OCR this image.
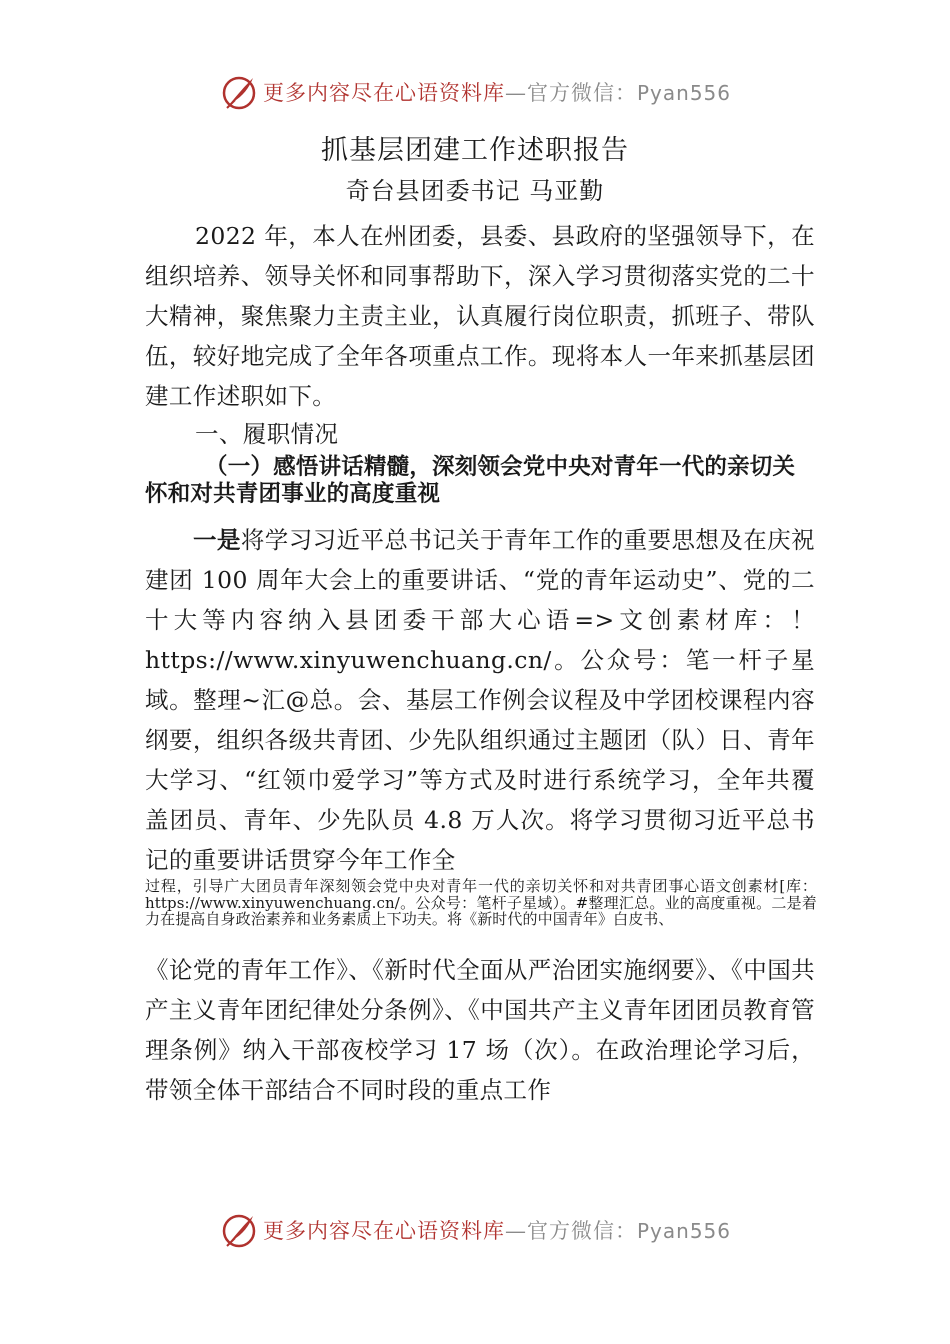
更多内容尽在心语资料库—官方微信：Pyan556
抓基层团建工作述职报告
奇台县团委书记 马亚勤
2022 年，本人在州团委，县委、县政府的坚强领导下，在组织培养、领导关怀和同事帮助下，深入学习贯彻落实党的二十大精神，聚焦聚力主责主业，认真履行岗位职责，抓班子、带队伍，较好地完成了全年各项重点工作。现将本人一年来抓基层团建工作述职如下。
一、履职情况
（一）感悟讲话精髓，深刻领会党中央对青年一代的亲切关怀和对共青团事业的高度重视
一是将学习习近平总书记关于青年工作的重要思想及在庆祝建团 100 周年大会上的重要讲话、“党的青年运动史”、党的二十大等内容纳入县团委干部大心语=>文创素材库：！https://www.xinyuwenchuang.cn/。公众号：笔一杆子星域。整理~汇@总。会、基层工作例会议程及中学团校课程内容纲要，组织各级共青团、少先队组织通过主题团（队）日、青年大学习、“红领巾爱学习”等方式及时进行系统学习，全年共覆盖团员、青年、少先队员 4.8 万人次。将学习贯彻习近平总书记的重要讲话贯穿今年工作全
过程，引导广大团员青年深刻领会党中央对青年一代的亲切关怀和对共青团事心语文创素材[库：https://www.xinyuwenchuang.cn/。公众号：笔杆子星域）。#整理汇总。业的高度重视。二是着力在提高自身政治素养和业务素质上下功夫。将《新时代的中国青年》白皮书、
《论党的青年工作》、《新时代全面从严治团实施纲要》、《中国共产主义青年团纪律处分条例》、《中国共产主义青年团团员教育管理条例》纳入干部夜校学习 17 场（次）。在政治理论学习后，带领全体干部结合不同时段的重点工作
更多内容尽在心语资料库—官方微信：Pyan556
